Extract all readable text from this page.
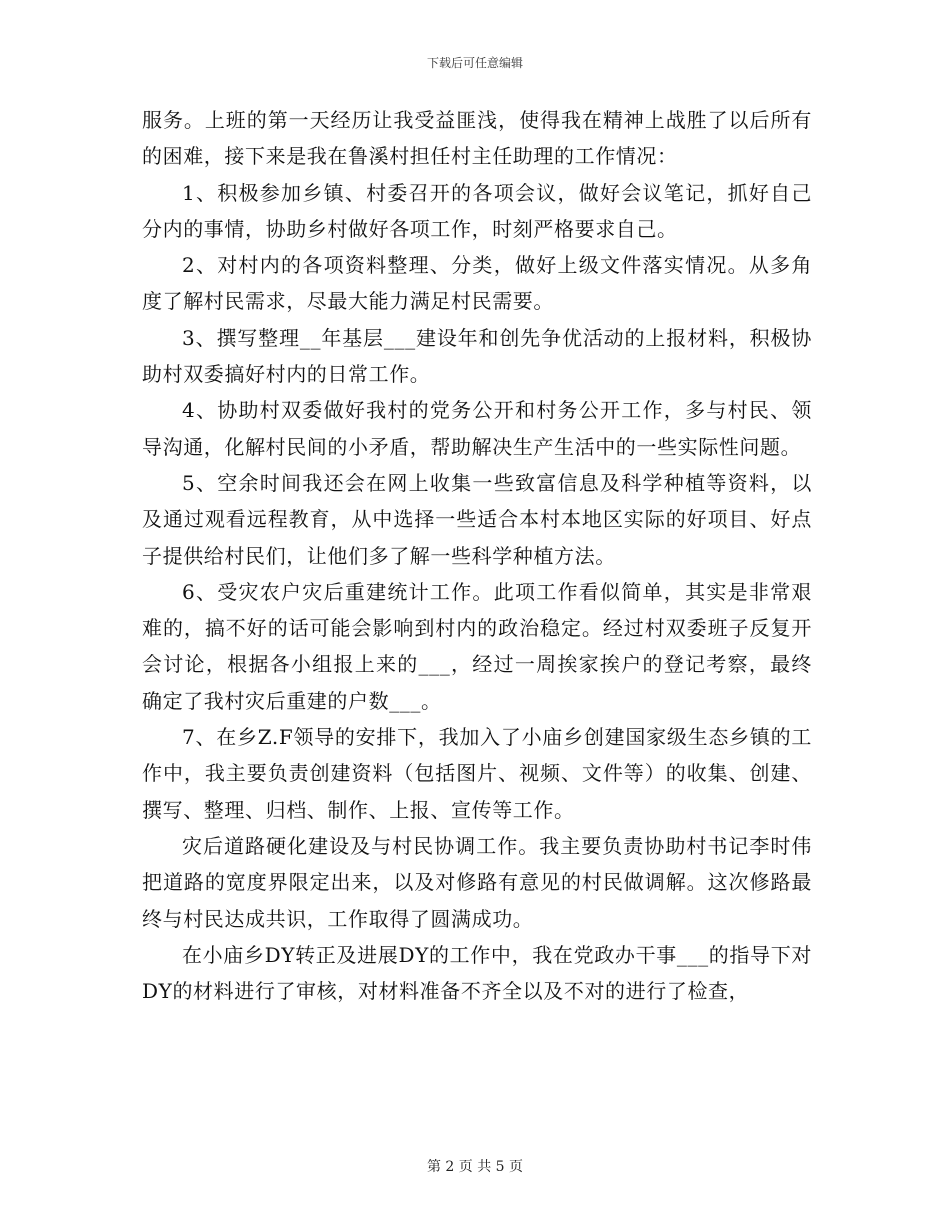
下载后可任意编辑

服务。上班的第一天经历让我受益匪浅，使得我在精神上战胜了以后所有的困难，接下来是我在鲁溪村担任村主任助理的工作情况：

1、积极参加乡镇、村委召开的各项会议，做好会议笔记，抓好自己分内的事情，协助乡村做好各项工作，时刻严格要求自己。

2、对村内的各项资料整理、分类，做好上级文件落实情况。从多角度了解村民需求，尽最大能力满足村民需要。

3、撰写整理__年基层___建设年和创先争优活动的上报材料，积极协助村双委搞好村内的日常工作。

4、协助村双委做好我村的党务公开和村务公开工作，多与村民、领导沟通，化解村民间的小矛盾，帮助解决生产生活中的一些实际性问题。

5、空余时间我还会在网上收集一些致富信息及科学种植等资料，以及通过观看远程教育，从中选择一些适合本村本地区实际的好项目、好点子提供给村民们，让他们多了解一些科学种植方法。

6、受灾农户灾后重建统计工作。此项工作看似简单，其实是非常艰难的，搞不好的话可能会影响到村内的政治稳定。经过村双委班子反复开会讨论，根据各小组报上来的___，经过一周挨家挨户的登记考察，最终确定了我村灾后重建的户数___。

7、在乡Z.F领导的安排下，我加入了小庙乡创建国家级生态乡镇的工作中，我主要负责创建资料（包括图片、视频、文件等）的收集、创建、撰写、整理、归档、制作、上报、宣传等工作。

灾后道路硬化建设及与村民协调工作。我主要负责协助村书记李时伟把道路的宽度界限定出来，以及对修路有意见的村民做调解。这次修路最终与村民达成共识，工作取得了圆满成功。

在小庙乡DY转正及进展DY的工作中，我在党政办干事___的指导下对DY的材料进行了审核，对材料准备不齐全以及不对的进行了检查，

第 2 页 共 5 页
